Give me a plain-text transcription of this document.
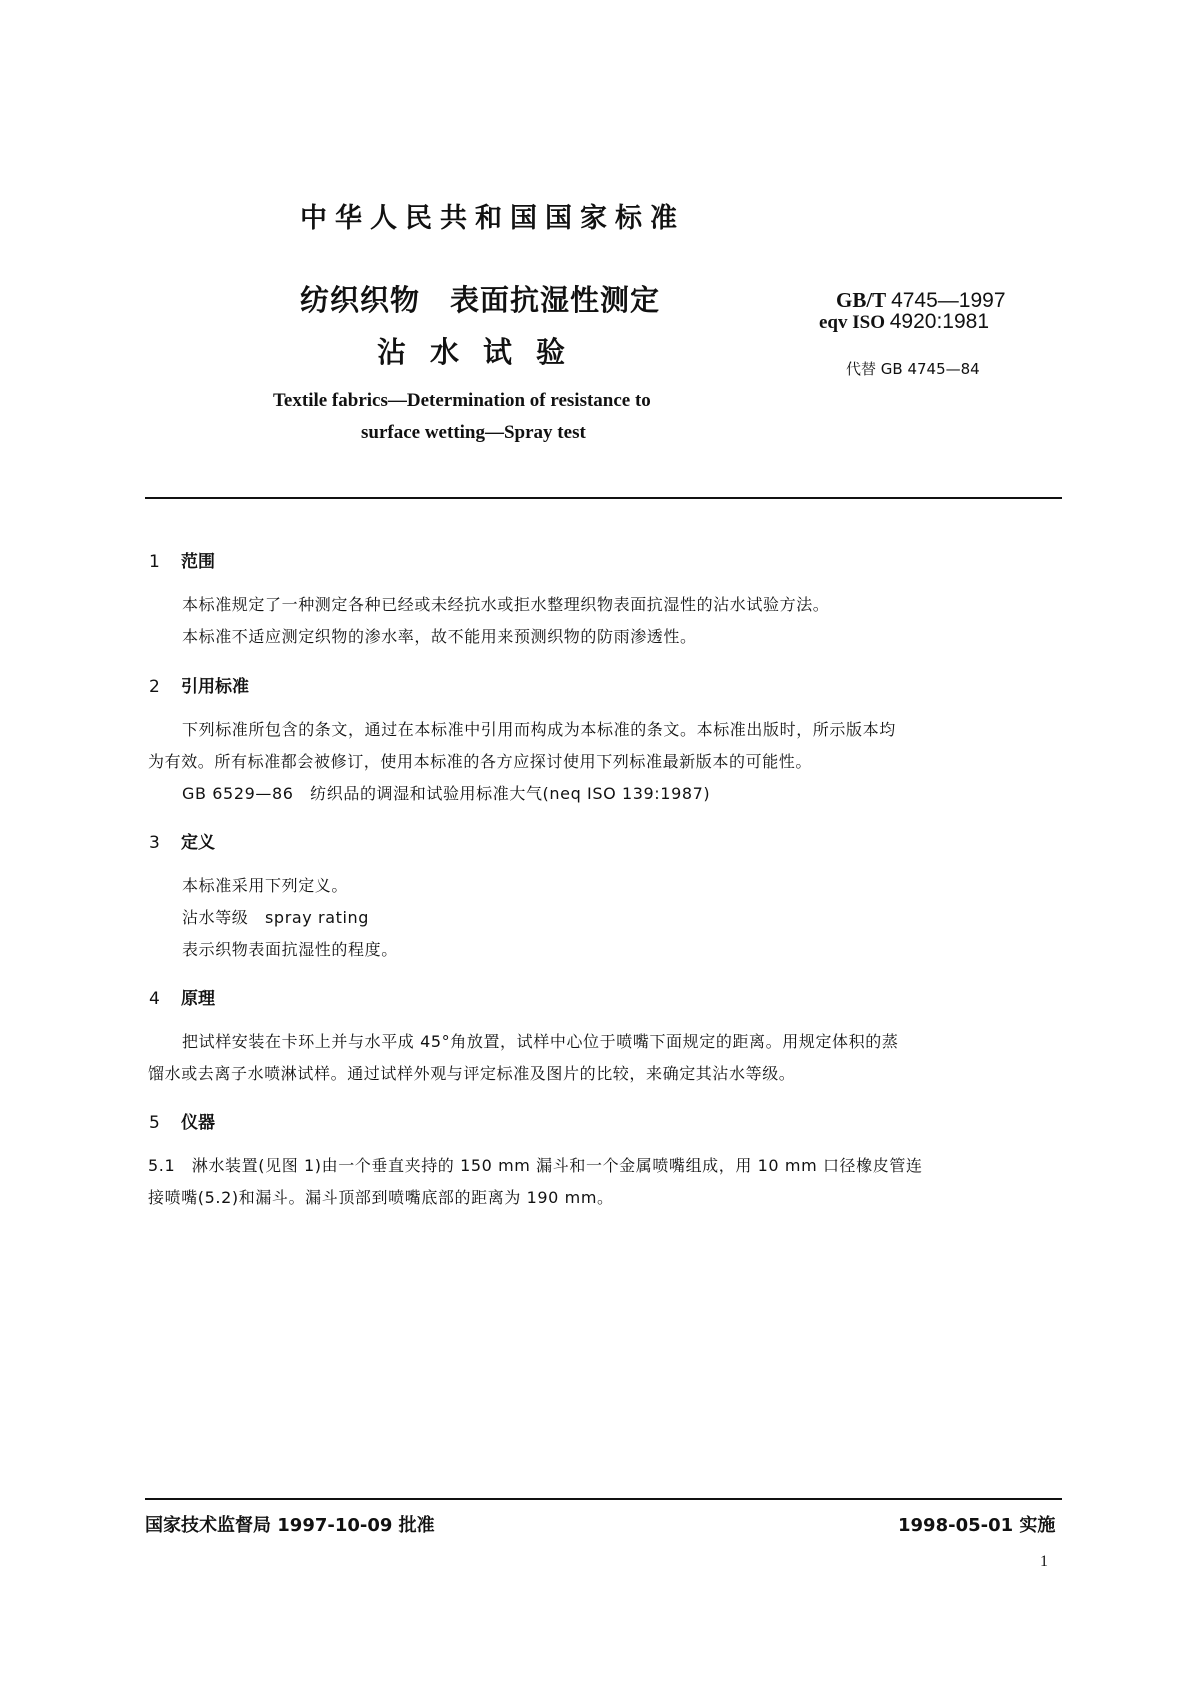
中华人民共和国国家标准
纺织织物　表面抗湿性测定
沾水试验
GB/T 4745—1997
eqv ISO 4920:1981
代替 GB 4745—84
Textile fabrics—Determination of resistance to
surface wetting—Spray test
1 范围
本标准规定了一种测定各种已经或未经抗水或拒水整理织物表面抗湿性的沾水试验方法。
本标准不适应测定织物的渗水率，故不能用来预测织物的防雨渗透性。
2 引用标准
下列标准所包含的条文，通过在本标准中引用而构成为本标准的条文。本标准出版时，所示版本均
为有效。所有标准都会被修订，使用本标准的各方应探讨使用下列标准最新版本的可能性。
GB 6529—86　纺织品的调湿和试验用标准大气(neq ISO 139:1987)
3 定义
本标准采用下列定义。
沾水等级　spray rating
表示织物表面抗湿性的程度。
4 原理
把试样安装在卡环上并与水平成 45°角放置，试样中心位于喷嘴下面规定的距离。用规定体积的蒸
馏水或去离子水喷淋试样。通过试样外观与评定标准及图片的比较，来确定其沾水等级。
5 仪器
5.1　淋水装置(见图 1)由一个垂直夹持的 150 mm 漏斗和一个金属喷嘴组成，用 10 mm 口径橡皮管连
接喷嘴(5.2)和漏斗。漏斗顶部到喷嘴底部的距离为 190 mm。
国家技术监督局 1997-10-09 批准	1998-05-01 实施
1
